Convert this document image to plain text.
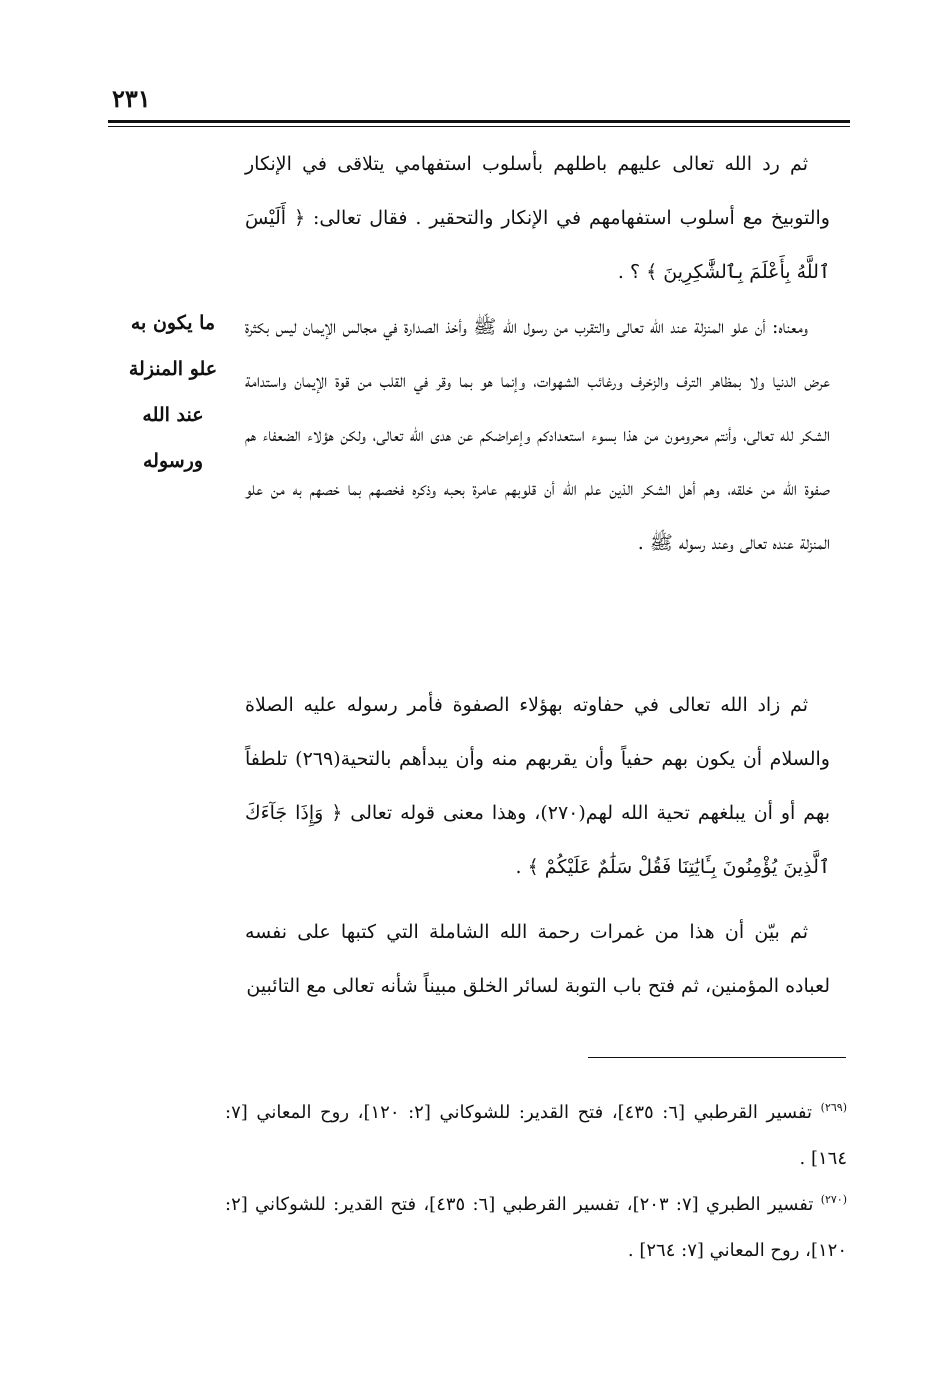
٢٣١
ما يكون به علو المنزلة عند الله ورسوله
ثم رد الله تعالى عليهم باطلهم بأسلوب استفهامي يتلاقى في الإنكار والتوبيخ مع أسلوب استفهامهم في الإنكار والتحقير . فقال تعالى: ﴿ أَلَيْسَ ٱللَّهُ بِأَعْلَمَ بِٱلشَّٰكِرِينَ ﴾ ؟ .
ومعناه: أن علو المنزلة عند الله تعالى والتقرب من رسول الله ﷺ وأخذ الصدارة في مجالس الإيمان ليس بكثرة عرض الدنيا ولا بمظاهر الترف والزخرف ورغائب الشهوات، وإنما هو بما وقر في القلب من قوة الإيمان واستدامة الشكر لله تعالى، وأنتم محرومون من هذا بسوء استعدادكم وإعراضكم عن هدى الله تعالى، ولكن هؤلاء الضعفاء هم صفوة الله من خلقه، وهم أهل الشكر الذين علم الله أن قلوبهم عامرة بحبه وذكره فخصهم بما خصهم به من علو المنزلة عنده تعالى وعند رسوله ﷺ .
ثم زاد الله تعالى في حفاوته بهؤلاء الصفوة فأمر رسوله عليه الصلاة والسلام أن يكون بهم حفياً وأن يقربهم منه وأن يبدأهم بالتحية(٢٦٩) تلطفاً بهم أو أن يبلغهم تحية الله لهم(٢٧٠)، وهذا معنى قوله تعالى ﴿ وَإِذَا جَآءَكَ ٱلَّذِينَ يُؤْمِنُونَ بِـَٔايَٰتِنَا فَقُلْ سَلَٰمٌ عَلَيْكُمْ ﴾ .
ثم بيّن أن هذا من غمرات رحمة الله الشاملة التي كتبها على نفسه لعباده المؤمنين، ثم فتح باب التوبة لسائر الخلق مبيناً شأنه تعالى مع التائبين

$^{(٢٦٩)}$ تفسير القرطبي [٦: ٤٣٥]، فتح القدير: للشوكاني [٢: ١٢٠]، روح المعاني [٧: ١٦٤] .

$^{(٢٧٠)}$ تفسير الطبري [٧: ٢٠٣]، تفسير القرطبي [٦: ٤٣٥]، فتح القدير: للشوكاني [٢: ١٢٠]، روح المعاني [٧: ٢٦٤] .
